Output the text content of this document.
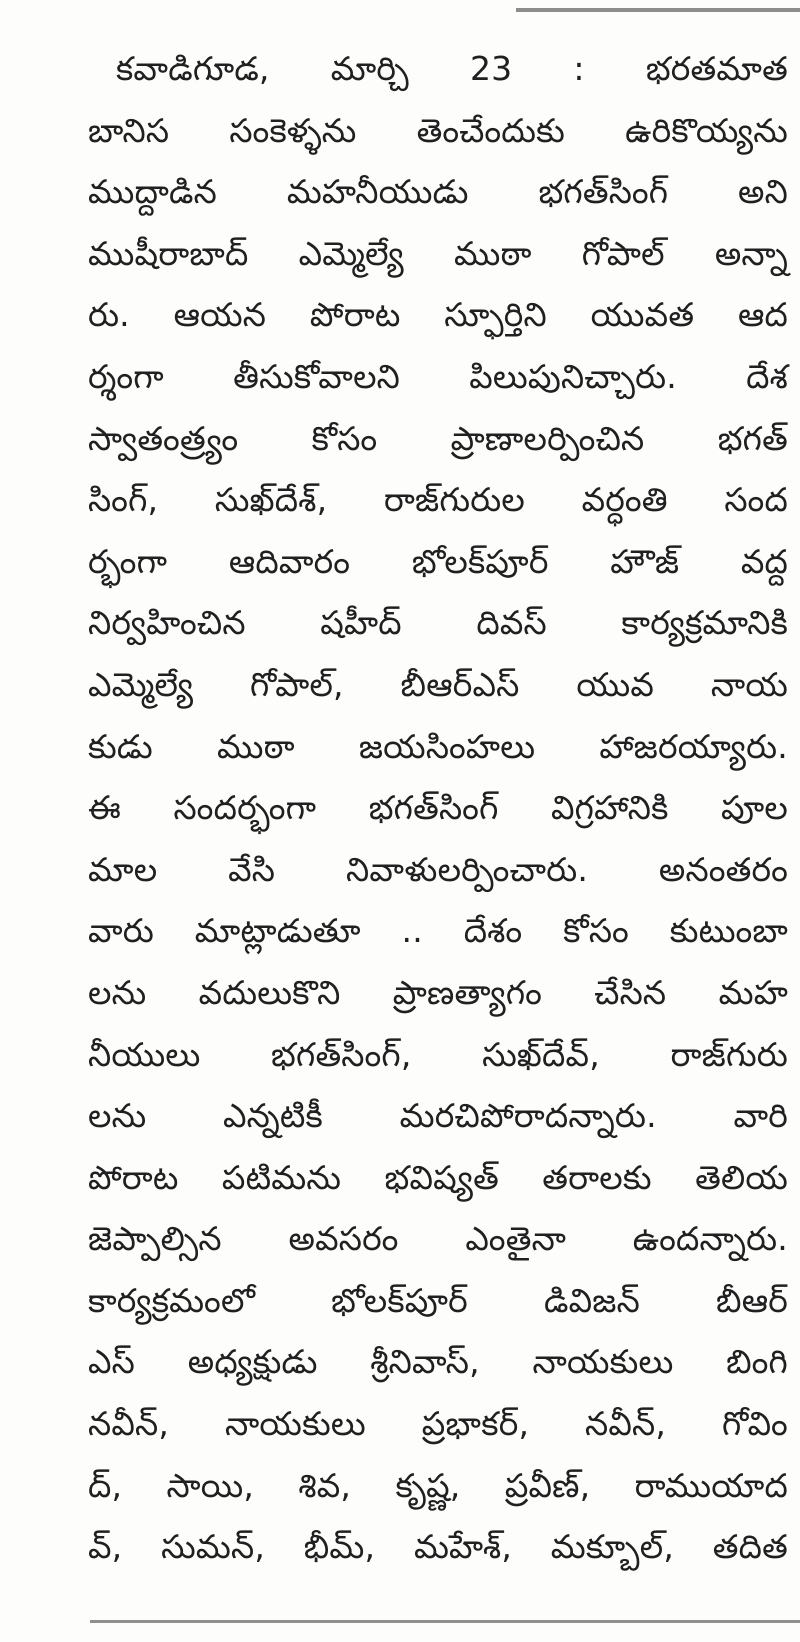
కవాడిగూడ, మార్చి 23 : భరతమాత
బానిస సంకెళ్ళను తెంచేందుకు ఉరికొయ్యను
ముద్దాడిన మహనీయుడు భగత్‌సింగ్ అని
ముషీరాబాద్ ఎమ్మెల్యే ముఠా గోపాల్ అన్నా
రు. ఆయన పోరాట స్ఫూర్తిని యువత ఆద
ర్శంగా తీసుకోవాలని పిలుపునిచ్చారు. దేశ
స్వాతంత్ర్యం కోసం ప్రాణాలర్పించిన భగత్
సింగ్, సుఖ్‌దేశ్, రాజ్‌గురుల వర్ధంతి సంద
ర్భంగా ఆదివారం భోలక్‌పూర్ హౌజ్ వద్ద
నిర్వహించిన షహీద్ దివస్ కార్యక్రమానికి
ఎమ్మెల్యే గోపాల్, బీఆర్ఎస్ యువ నాయ
కుడు ముఠా జయసింహలు హాజరయ్యారు.
ఈ సందర్భంగా భగత్‌సింగ్ విగ్రహానికి పూల
మాల వేసి నివాళులర్పించారు. అనంతరం
వారు మాట్లాడుతూ .. దేశం కోసం కుటుంబా
లను వదులుకొని ప్రాణత్యాగం చేసిన మహ
నీయులు భగత్‌సింగ్, సుఖ్‌దేవ్, రాజ్‌గురు
లను ఎన్నటికీ మరచిపోరాదన్నారు. వారి
పోరాట పటిమను భవిష్యత్ తరాలకు తెలియ
జెప్పాల్సిన అవసరం ఎంతైనా ఉందన్నారు.
కార్యక్రమంలో భోలక్‌పూర్ డివిజన్ బీఆర్
ఎస్ అధ్యక్షుడు శ్రీనివాస్, నాయకులు బింగి
నవీన్, నాయకులు ప్రభాకర్, నవీన్, గోవిం
ద్, సాయి, శివ, కృష్ణ, ప్రవీణ్, రాముయాద
వ్, సుమన్, భీమ్, మహేశ్, మక్బూల్, తదిత
